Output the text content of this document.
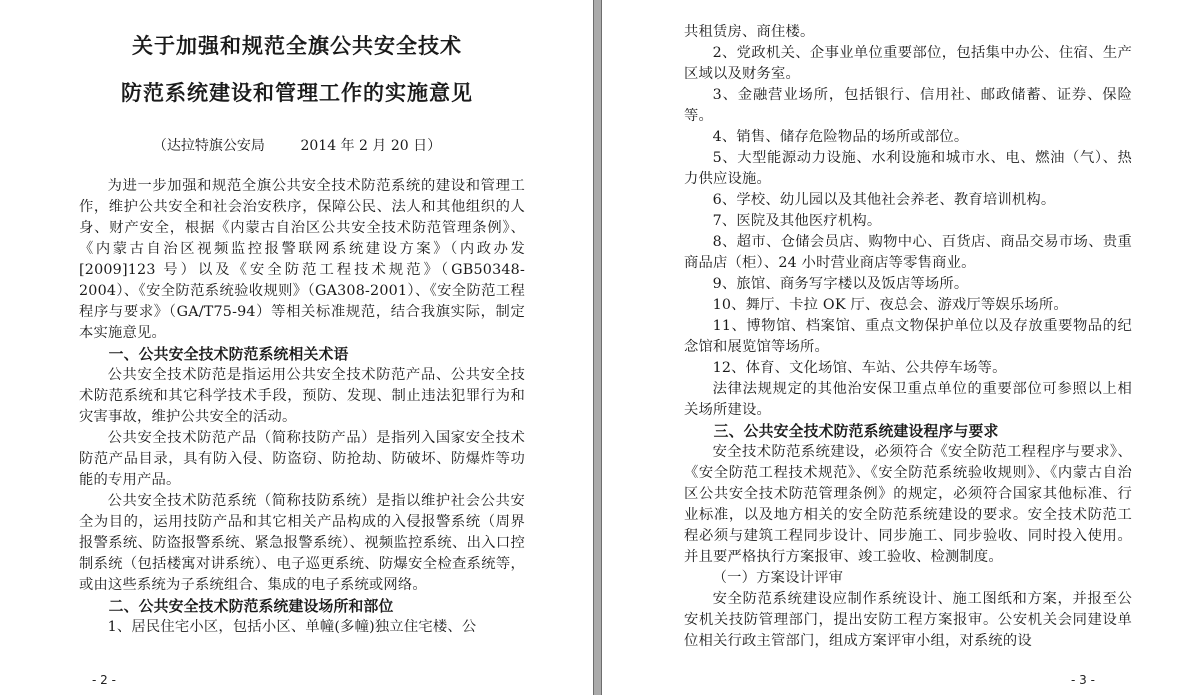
关于加强和规范全旗公共安全技术
防范系统建设和管理工作的实施意见
（达拉特旗公安局        2014 年 2 月 20 日）

为进一步加强和规范全旗公共安全技术防范系统的建设和管理工作，维护公共安全和社会治安秩序，保障公民、法人和其他组织的人身、财产安全，根据《内蒙古自治区公共安全技术防范管理条例》、《内蒙古自治区视频监控报警联网系统建设方案》（内政办发[2009]123 号）以及《安全防范工程技术规范》（GB50348-2004）、《安全防范系统验收规则》（GA308-2001）、《安全防范工程程序与要求》（GA/T75-94）等相关标准规范，结合我旗实际，制定本实施意见。

一、公共安全技术防范系统相关术语

公共安全技术防范是指运用公共安全技术防范产品、公共安全技术防范系统和其它科学技术手段，预防、发现、制止违法犯罪行为和灾害事故，维护公共安全的活动。

公共安全技术防范产品（简称技防产品）是指列入国家安全技术防范产品目录，具有防入侵、防盗窃、防抢劫、防破坏、防爆炸等功能的专用产品。

公共安全技术防范系统（简称技防系统）是指以维护社会公共安全为目的，运用技防产品和其它相关产品构成的入侵报警系统（周界报警系统、防盗报警系统、紧急报警系统）、视频监控系统、出入口控制系统（包括楼寓对讲系统）、电子巡更系统、防爆安全检查系统等，或由这些系统为子系统组合、集成的电子系统或网络。

二、公共安全技术防范系统建设场所和部位

1、居民住宅小区，包括小区、单幢(多幢)独立住宅楼、公

- 2 -

共租赁房、商住楼。

2、党政机关、企事业单位重要部位，包括集中办公、住宿、生产区域以及财务室。

3、金融营业场所，包括银行、信用社、邮政储蓄、证券、保险等。

4、销售、储存危险物品的场所或部位。

5、大型能源动力设施、水利设施和城市水、电、燃油（气）、热力供应设施。

6、学校、幼儿园以及其他社会养老、教育培训机构。

7、医院及其他医疗机构。

8、超市、仓储会员店、购物中心、百货店、商品交易市场、贵重商品店（柜）、24 小时营业商店等零售商业。

9、旅馆、商务写字楼以及饭店等场所。

10、舞厅、卡拉 OK 厅、夜总会、游戏厅等娱乐场所。

11、博物馆、档案馆、重点文物保护单位以及存放重要物品的纪念馆和展览馆等场所。

12、体育、文化场馆、车站、公共停车场等。

法律法规规定的其他治安保卫重点单位的重要部位可参照以上相关场所建设。

三、公共安全技术防范系统建设程序与要求

安全技术防范系统建设，必须符合《安全防范工程程序与要求》、《安全防范工程技术规范》、《安全防范系统验收规则》、《内蒙古自治区公共安全技术防范管理条例》的规定，必须符合国家其他标准、行业标准，以及地方相关的安全防范系统建设的要求。安全技术防范工程必须与建筑工程同步设计、同步施工、同步验收、同时投入使用。并且要严格执行方案报审、竣工验收、检测制度。

（一）方案设计评审

安全防范系统建设应制作系统设计、施工图纸和方案，并报至公安机关技防管理部门，提出安防工程方案报审。公安机关会同建设单位相关行政主管部门，组成方案评审小组，对系统的设

- 3 -
